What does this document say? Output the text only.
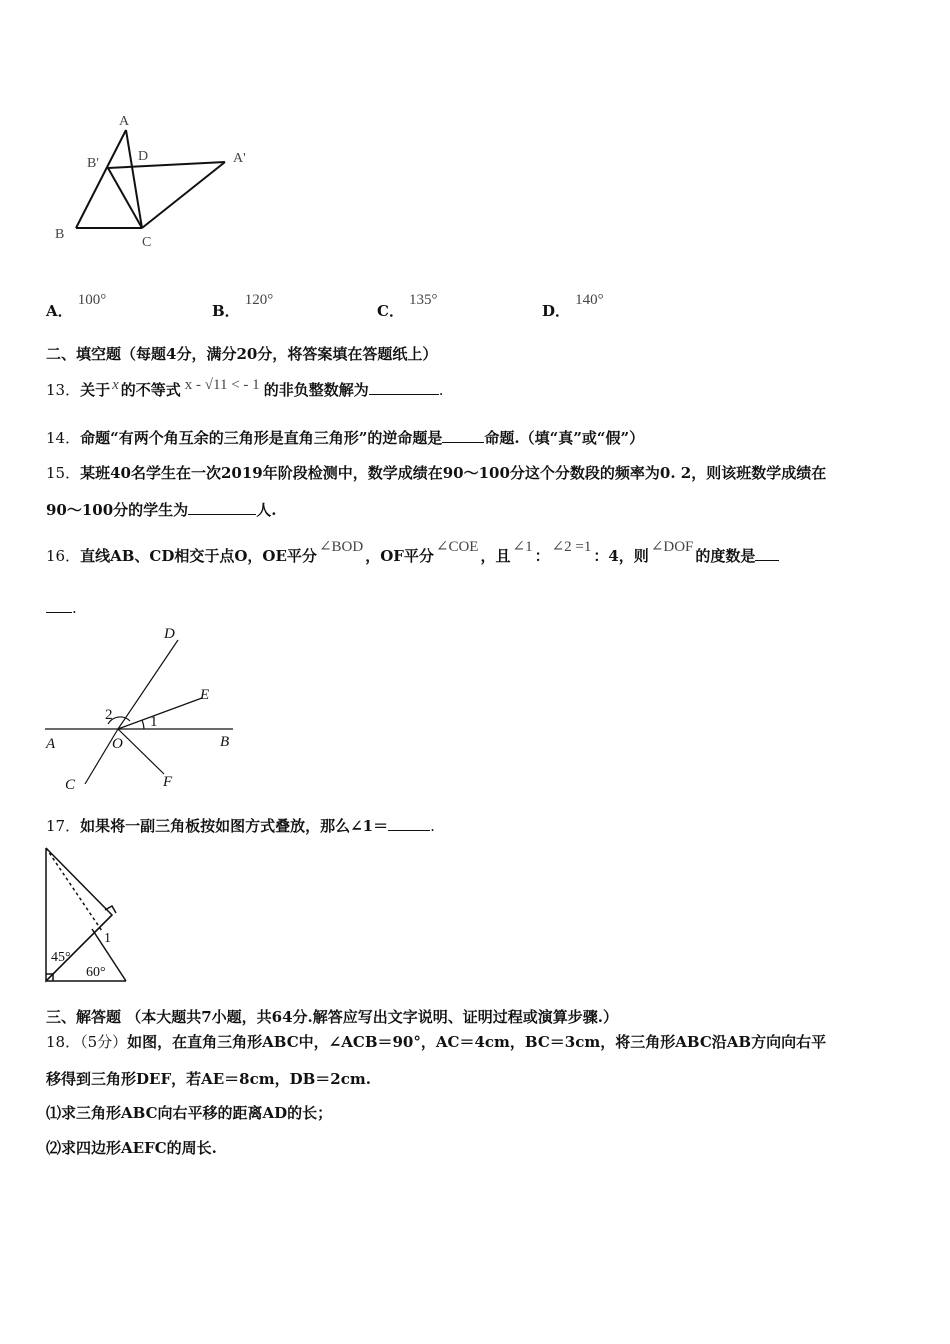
A
B'	D	A'
B
C
A． 100°
B． 120°
C． 135°
D． 140°
二、填空题（每题4分，满分20分，将答案填在答题纸上）
13．关于 x 的不等式 x - √11 < - 1 的非负整数解为	.
14．命题“有两个角互余的三角形是直角三角形”的逆命题是	命题.（填“真”或“假”）
15．某班40名学生在一次2019年阶段检测中，数学成绩在90～100分这个分数段的频率为0. 2，则该班数学成绩在
90～100分的学生为	人.
16．直线AB、CD相交于点O，OE平分 ∠BOD ，OF平分 ∠COE ，且 ∠1 ： ∠2 =1 ：4，则 ∠DOF 的度数是
.
D
E
2	1
A	O	B
C	F
17．如果将一副三角板按如图方式叠放，那么∠1＝	.
1
45°
60°
三、解答题 （本大题共7小题，共64分.解答应写出文字说明、证明过程或演算步骤.）
18．（5分）如图，在直角三角形ABC中，∠ACB＝90°，AC＝4cm，BC＝3cm，将三角形ABC沿AB方向向右平
移得到三角形DEF，若AE＝8cm，DB＝2cm.
⑴求三角形ABC向右平移的距离AD的长；
⑵求四边形AEFC的周长.
